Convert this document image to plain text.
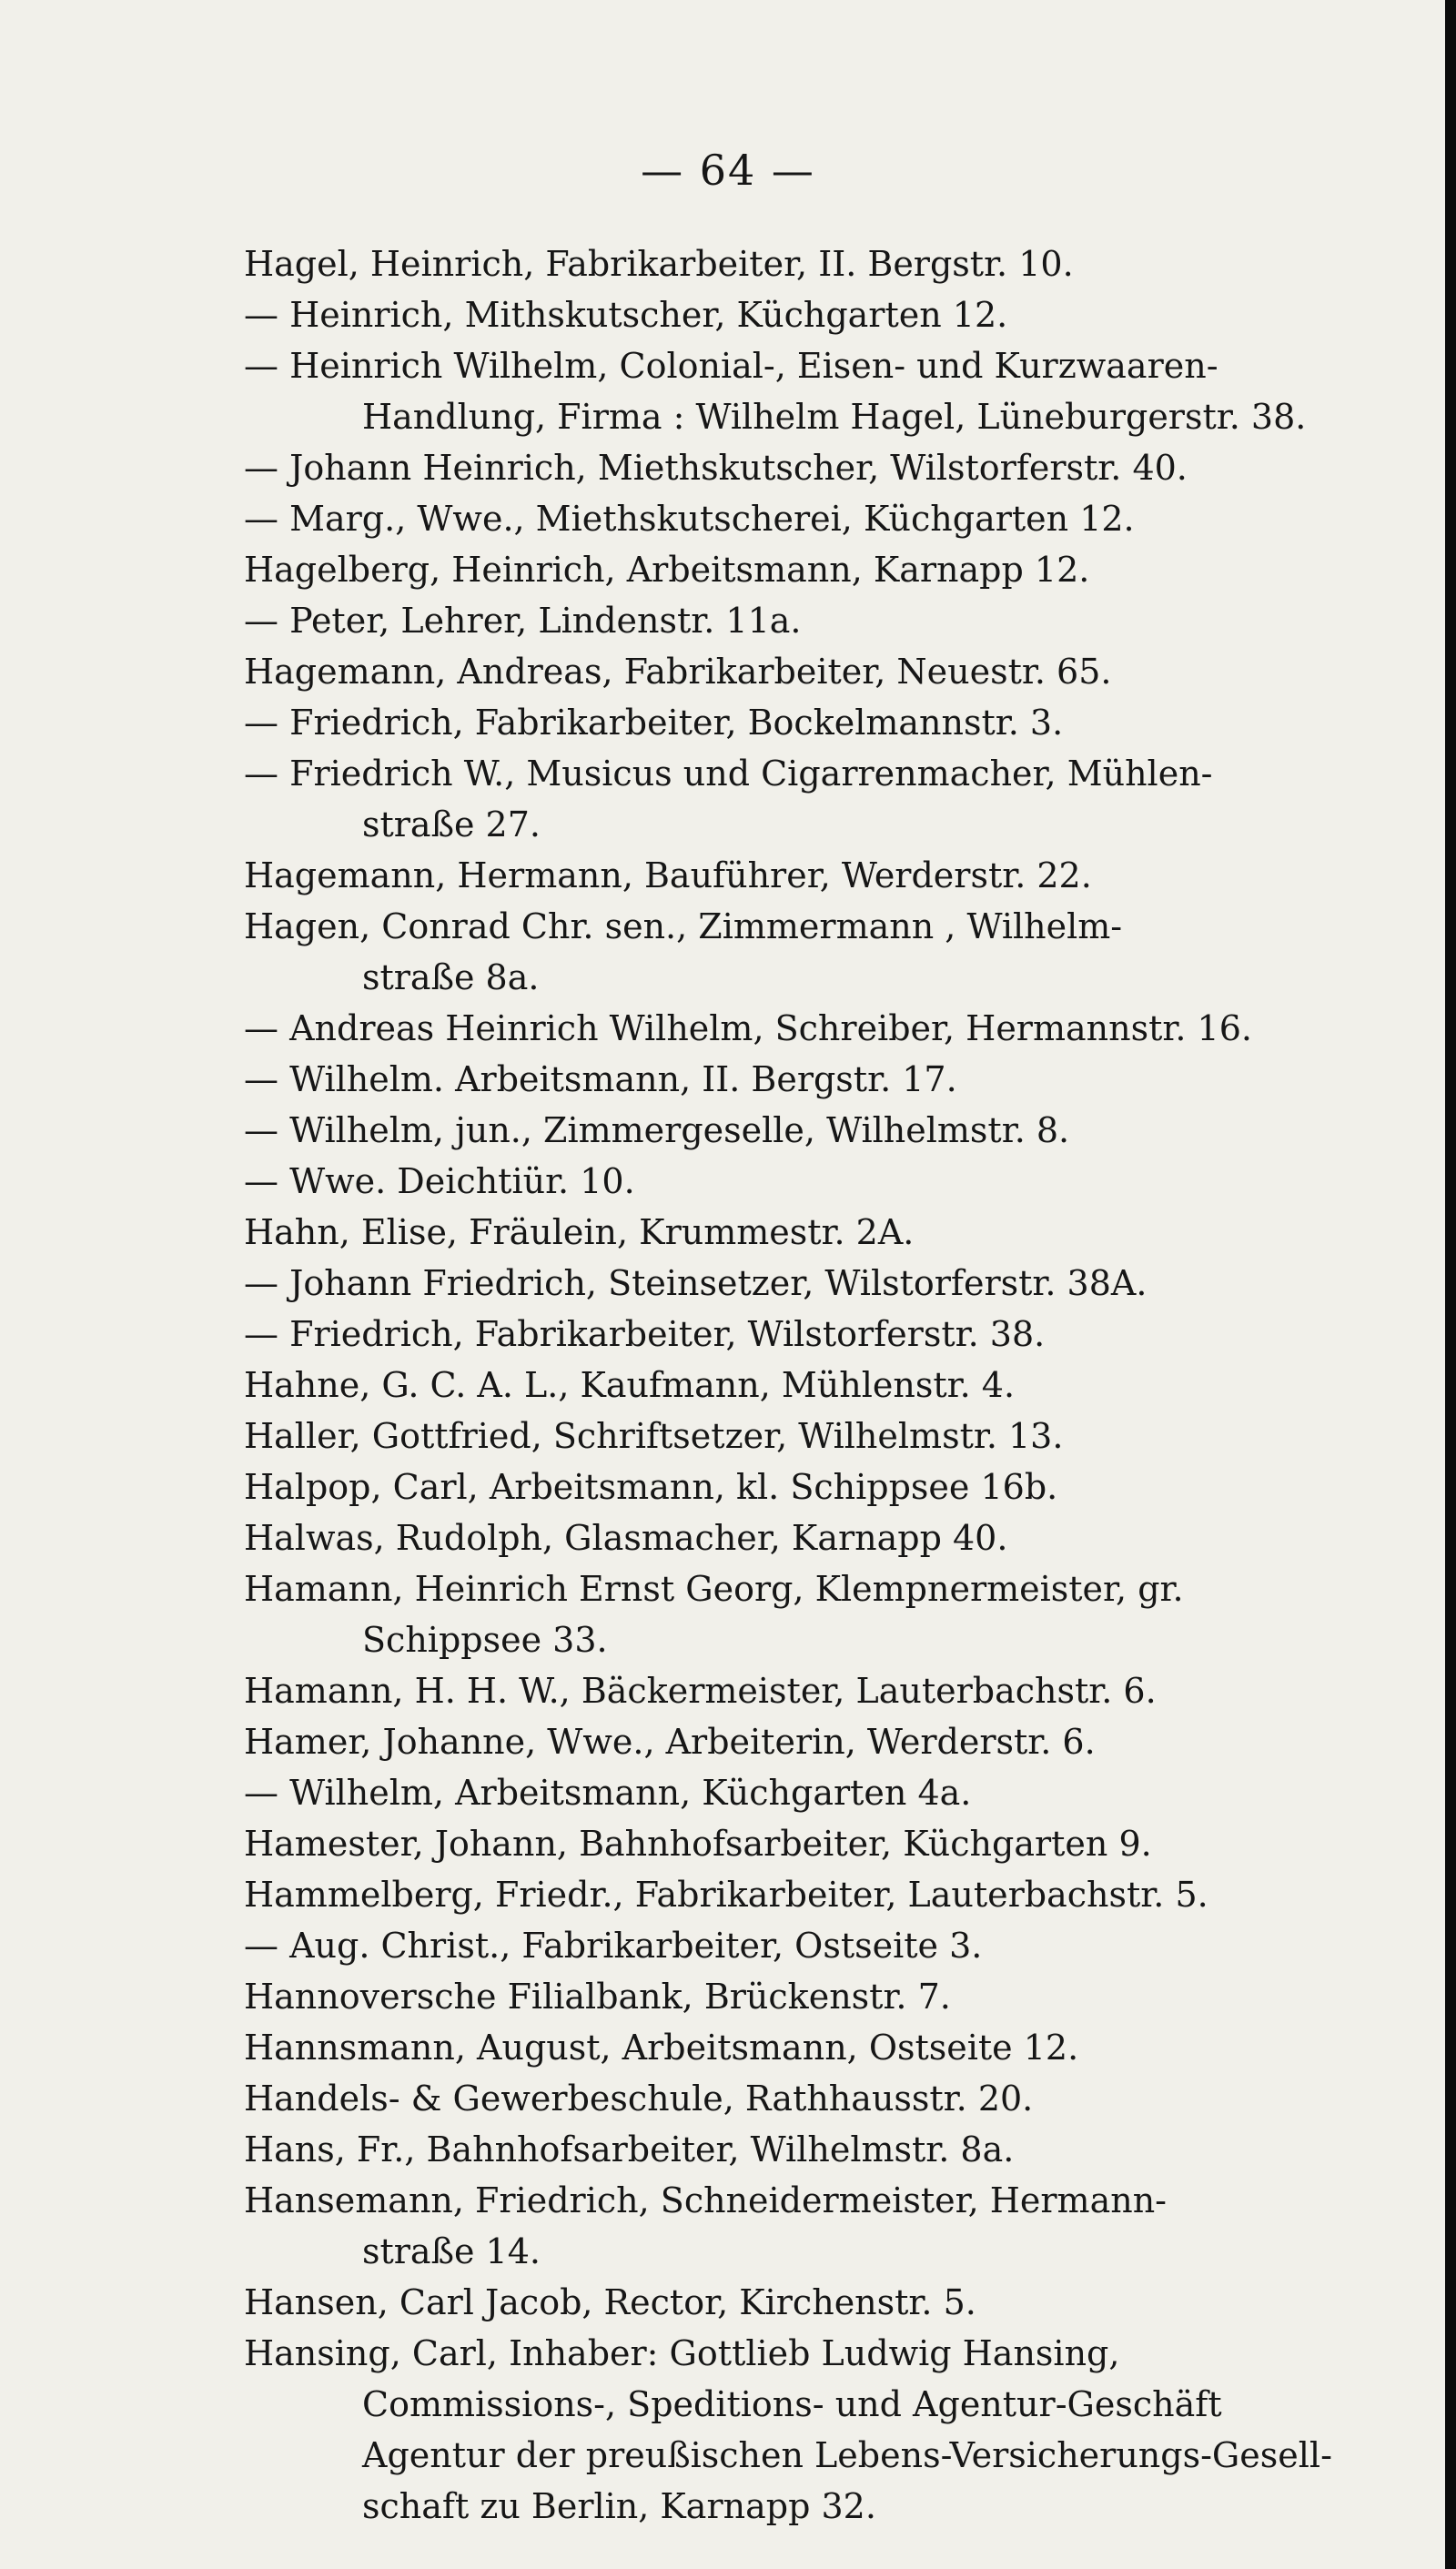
— 64 —
Hagel, Heinrich, Fabrikarbeiter, II. Bergstr. 10.
— Heinrich, Mithskutscher, Küchgarten 12.
— Heinrich Wilhelm, Colonial-, Eisen- und Kurzwaaren-
Handlung, Firma : Wilhelm Hagel, Lüneburgerstr. 38.
— Johann Heinrich, Miethskutscher, Wilstorferstr. 40.
— Marg., Wwe., Miethskutscherei, Küchgarten 12.
Hagelberg, Heinrich, Arbeitsmann, Karnapp 12.
— Peter, Lehrer, Lindenstr. 11a.
Hagemann, Andreas, Fabrikarbeiter, Neuestr. 65.
— Friedrich, Fabrikarbeiter, Bockelmannstr. 3.
— Friedrich W., Musicus und Cigarrenmacher, Mühlen-
straße 27.
Hagemann, Hermann, Bauführer, Werderstr. 22.
Hagen, Conrad Chr. sen., Zimmermann , Wilhelm-
straße 8a.
— Andreas Heinrich Wilhelm, Schreiber, Hermannstr. 16.
— Wilhelm. Arbeitsmann, II. Bergstr. 17.
— Wilhelm, jun., Zimmergeselle, Wilhelmstr. 8.
— Wwe. Deichtiür. 10.
Hahn, Elise, Fräulein, Krummestr. 2A.
— Johann Friedrich, Steinsetzer, Wilstorferstr. 38A.
— Friedrich, Fabrikarbeiter, Wilstorferstr. 38.
Hahne, G. C. A. L., Kaufmann, Mühlenstr. 4.
Haller, Gottfried, Schriftsetzer, Wilhelmstr. 13.
Halpop, Carl, Arbeitsmann, kl. Schippsee 16b.
Halwas, Rudolph, Glasmacher, Karnapp 40.
Hamann, Heinrich Ernst Georg, Klempnermeister, gr.
Schippsee 33.
Hamann, H. H. W., Bäckermeister, Lauterbachstr. 6.
Hamer, Johanne, Wwe., Arbeiterin, Werderstr. 6.
— Wilhelm, Arbeitsmann, Küchgarten 4a.
Hamester, Johann, Bahnhofsarbeiter, Küchgarten 9.
Hammelberg, Friedr., Fabrikarbeiter, Lauterbachstr. 5.
— Aug. Christ., Fabrikarbeiter, Ostseite 3.
Hannoversche Filialbank, Brückenstr. 7.
Hannsmann, August, Arbeitsmann, Ostseite 12.
Handels- & Gewerbeschule, Rathhausstr. 20.
Hans, Fr., Bahnhofsarbeiter, Wilhelmstr. 8a.
Hansemann, Friedrich, Schneidermeister, Hermann-
straße 14.
Hansen, Carl Jacob, Rector, Kirchenstr. 5.
Hansing, Carl, Inhaber: Gottlieb Ludwig Hansing,
Commissions-, Speditions- und Agentur-Geschäft
Agentur der preußischen Lebens-Versicherungs-Gesell-
schaft zu Berlin, Karnapp 32.
